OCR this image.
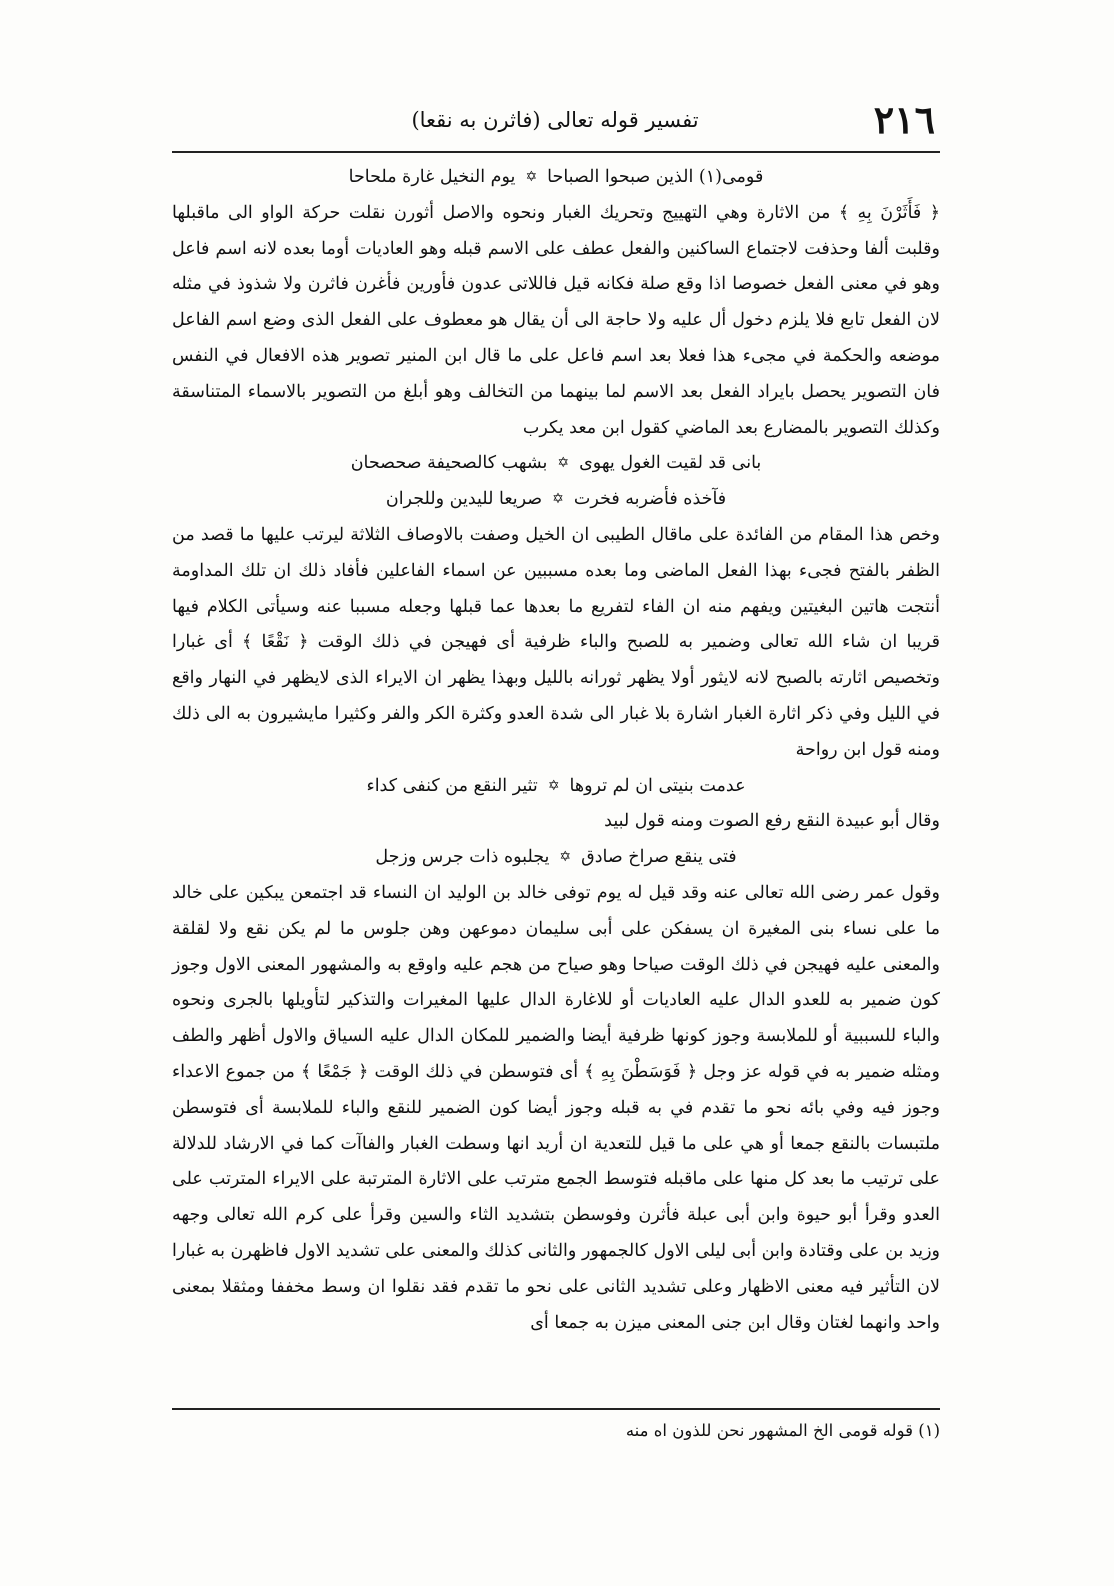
٢١٦
تفسير قوله تعالى (فاثرن به نقعا)

قومى(١) الذين صبحوا الصباحا✡يوم النخيل غارة ملحاحا

﴿ فَأَثَرْنَ بِهِ ﴾ من الاثارة وهي التهييج وتحريك الغبار ونحوه والاصل أثورن نقلت حركة الواو الى ماقبلها وقلبت ألفا وحذفت لاجتماع الساكنين والفعل عطف على الاسم قبله وهو العاديات أوما بعده لانه اسم فاعل وهو في معنى الفعل خصوصا اذا وقع صلة فكانه قيل فاللاتى عدون فأورين فأغرن فاثرن ولا شذوذ في مثله لان الفعل تابع فلا يلزم دخول أل عليه ولا حاجة الى أن يقال هو معطوف على الفعل الذى وضع اسم الفاعل موضعه والحكمة في مجىء هذا فعلا بعد اسم فاعل على ما قال ابن المنير تصوير هذه الافعال في النفس فان التصوير يحصل بايراد الفعل بعد الاسم لما بينهما من التخالف وهو أبلغ من التصوير بالاسماء المتناسقة وكذلك التصوير بالمضارع بعد الماضي كقول ابن معد يكرب

بانى قد لقيت الغول يهوى✡بشهب كالصحيفة صحصحان

فآخذه فأضربه فخرت✡صريعا لليدين وللجران

وخص هذا المقام من الفائدة على ماقال الطيبى ان الخيل وصفت بالاوصاف الثلاثة ليرتب عليها ما قصد من الظفر بالفتح فجىء بهذا الفعل الماضى وما بعده مسببين عن اسماء الفاعلين فأفاد ذلك ان تلك المداومة أنتجت هاتين البغيتين ويفهم منه ان الفاء لتفريع ما بعدها عما قبلها وجعله مسببا عنه وسيأتى الكلام فيها قريبا ان شاء الله تعالى وضمير به للصبح والباء ظرفية أى فهيجن في ذلك الوقت ﴿ نَقْعًا ﴾ أى غبارا وتخصيص اثارته بالصبح لانه لايثور أولا يظهر ثورانه بالليل وبهذا يظهر ان الايراء الذى لايظهر في النهار واقع في الليل وفي ذكر اثارة الغبار اشارة بلا غبار الى شدة العدو وكثرة الكر والفر وكثيرا مايشيرون به الى ذلك ومنه قول ابن رواحة

عدمت بنيتى ان لم تروها✡تثير النقع من كنفى كداء

وقال أبو عبيدة النقع رفع الصوت ومنه قول لبيد

فتى ينقع صراخ صادق✡يجلبوه ذات جرس وزجل

وقول عمر رضى الله تعالى عنه وقد قيل له يوم توفى خالد بن الوليد ان النساء قد اجتمعن يبكين على خالد ما على نساء بنى المغيرة ان يسفكن على أبى سليمان دموعهن وهن جلوس ما لم يكن نقع ولا لقلقة والمعنى عليه فهيجن في ذلك الوقت صياحا وهو صياح من هجم عليه واوقع به والمشهور المعنى الاول وجوز كون ضمير به للعدو الدال عليه العاديات أو للاغارة الدال عليها المغيرات والتذكير لتأويلها بالجرى ونحوه والباء للسببية أو للملابسة وجوز كونها ظرفية أيضا والضمير للمكان الدال عليه السياق والاول أظهر والطف ومثله ضمير به في قوله عز وجل ﴿ فَوَسَطْنَ بِهِ ﴾ أى فتوسطن في ذلك الوقت ﴿ جَمْعًا ﴾ من جموع الاعداء وجوز فيه وفي بائه نحو ما تقدم في به قبله وجوز أيضا كون الضمير للنقع والباء للملابسة أى فتوسطن ملتبسات بالنقع جمعا أو هي على ما قيل للتعدية ان أريد انها وسطت الغبار والفاآت كما في الارشاد للدلالة على ترتيب ما بعد كل منها على ماقبله فتوسط الجمع مترتب على الاثارة المترتبة على الايراء المترتب على العدو وقرأ أبو حيوة وابن أبى عبلة فأثرن وفوسطن بتشديد الثاء والسين وقرأ على كرم الله تعالى وجهه وزيد بن على وقتادة وابن أبى ليلى الاول كالجمهور والثانى كذلك والمعنى على تشديد الاول فاظهرن به غبارا لان التأثير فيه معنى الاظهار وعلى تشديد الثانى على نحو ما تقدم فقد نقلوا ان وسط مخففا ومثقلا بمعنى واحد وانهما لغتان وقال ابن جنى المعنى ميزن به جمعا أى

(١) قوله قومى الخ المشهور نحن للذون اه منه
